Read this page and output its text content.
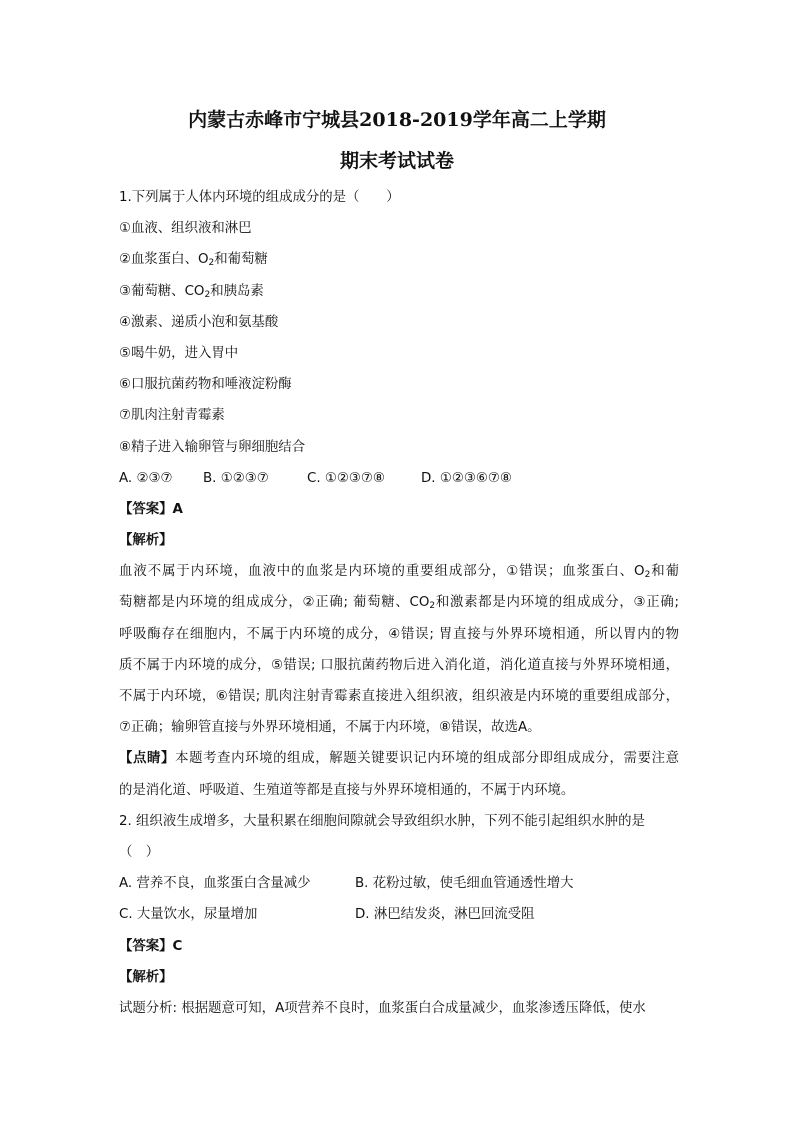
内蒙古赤峰市宁城县2018-2019学年高二上学期
期末考试试卷
1.下列属于人体内环境的组成成分的是（　　）
①血液、组织液和淋巴
②血浆蛋白、$O_2$和葡萄糖
③葡萄糖、$CO_2$和胰岛素
④激素、递质小泡和氨基酸
⑤喝牛奶，进入胃中
⑥口服抗菌药物和唾液淀粉酶
⑦肌肉注射青霉素
⑧精子进入输卵管与卵细胞结合
A. ②③⑦ B. ①②③⑦	C. ①②③⑦⑧	D. ①②③⑥⑦⑧
【答案】A
【解析】
血液不属于内环境，血液中的血浆是内环境的重要组成部分，①错误；血浆蛋白、$O_2$和葡
萄糖都是内环境的组成成分，②正确; 葡萄糖、$CO_2$和激素都是内环境的组成成分，③正确;
呼吸酶存在细胞内，不属于内环境的成分，④错误; 胃直接与外界环境相通，所以胃内的物
质不属于内环境的成分，⑤错误; 口服抗菌药物后进入消化道，消化道直接与外界环境相通，
不属于内环境，⑥错误; 肌肉注射青霉素直接进入组织液，组织液是内环境的重要组成部分，
⑦正确；输卵管直接与外界环境相通，不属于内环境，⑧错误，故选A。
【点睛】本题考查内环境的组成，解题关键要识记内环境的组成部分即组成成分，需要注意
的是消化道、呼吸道、生殖道等都是直接与外界环境相通的，不属于内环境。
2. 组织液生成增多，大量积累在细胞间隙就会导致组织水肿，下列不能引起组织水肿的是
（　）
A. 营养不良，血浆蛋白含量减少	B. 花粉过敏，使毛细血管通透性增大
C. 大量饮水，尿量增加	D. 淋巴结发炎，淋巴回流受阻
【答案】C
【解析】
试题分析: 根据题意可知，A项营养不良时，血浆蛋白合成量减少，血浆渗透压降低，使水
